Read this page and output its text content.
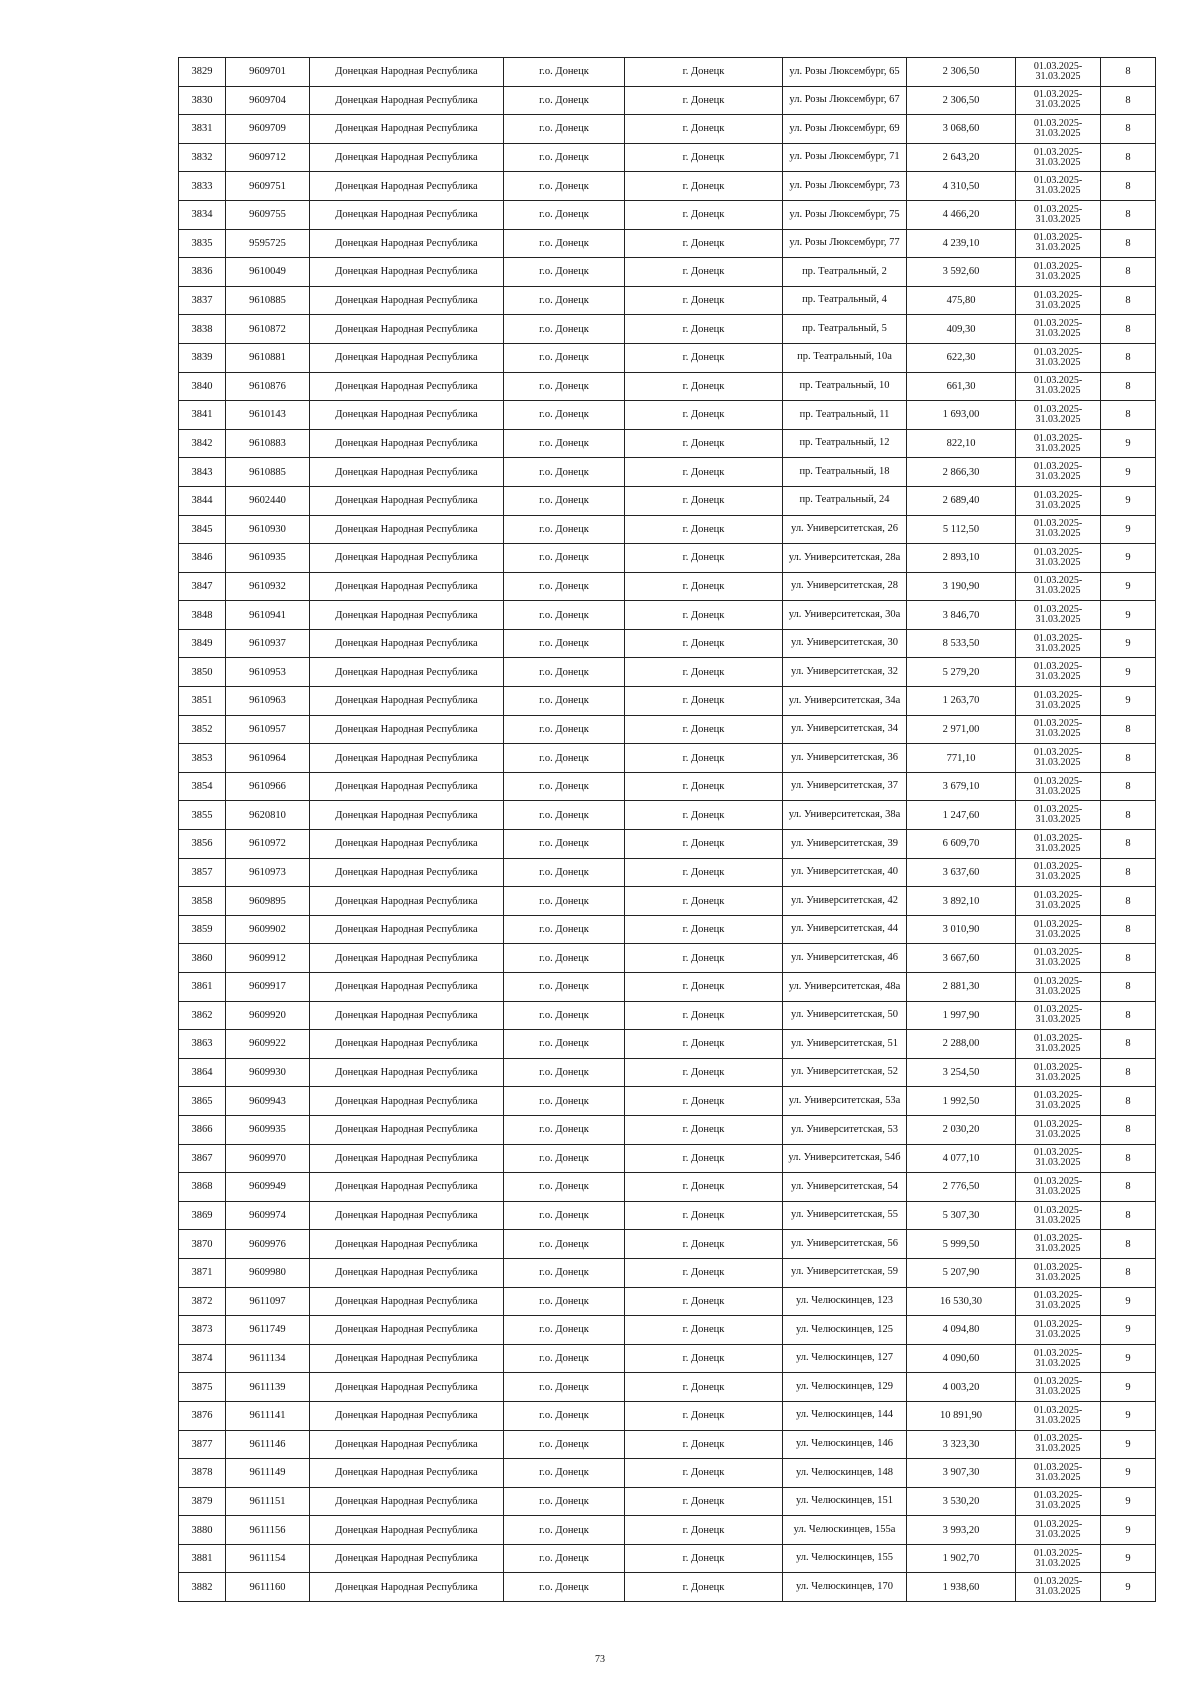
3829	9609701	Донецкая Народная Республика	г.о. Донецк	г. Донецк	ул. Розы Люксембург, 65	2 306,50	01.03.2025-31.03.2025	8
3830	9609704	Донецкая Народная Республика	г.о. Донецк	г. Донецк	ул. Розы Люксембург, 67	2 306,50	01.03.2025-31.03.2025	8
3831	9609709	Донецкая Народная Республика	г.о. Донецк	г. Донецк	ул. Розы Люксембург, 69	3 068,60	01.03.2025-31.03.2025	8
3832	9609712	Донецкая Народная Республика	г.о. Донецк	г. Донецк	ул. Розы Люксембург, 71	2 643,20	01.03.2025-31.03.2025	8
3833	9609751	Донецкая Народная Республика	г.о. Донецк	г. Донецк	ул. Розы Люксембург, 73	4 310,50	01.03.2025-31.03.2025	8
3834	9609755	Донецкая Народная Республика	г.о. Донецк	г. Донецк	ул. Розы Люксембург, 75	4 466,20	01.03.2025-31.03.2025	8
3835	9595725	Донецкая Народная Республика	г.о. Донецк	г. Донецк	ул. Розы Люксембург, 77	4 239,10	01.03.2025-31.03.2025	8
3836	9610049	Донецкая Народная Республика	г.о. Донецк	г. Донецк	пр. Театральный, 2	3 592,60	01.03.2025-31.03.2025	8
3837	9610885	Донецкая Народная Республика	г.о. Донецк	г. Донецк	пр. Театральный, 4	475,80	01.03.2025-31.03.2025	8
3838	9610872	Донецкая Народная Республика	г.о. Донецк	г. Донецк	пр. Театральный, 5	409,30	01.03.2025-31.03.2025	8
3839	9610881	Донецкая Народная Республика	г.о. Донецк	г. Донецк	пр. Театральный, 10а	622,30	01.03.2025-31.03.2025	8
3840	9610876	Донецкая Народная Республика	г.о. Донецк	г. Донецк	пр. Театральный, 10	661,30	01.03.2025-31.03.2025	8
3841	9610143	Донецкая Народная Республика	г.о. Донецк	г. Донецк	пр. Театральный, 11	1 693,00	01.03.2025-31.03.2025	8
3842	9610883	Донецкая Народная Республика	г.о. Донецк	г. Донецк	пр. Театральный, 12	822,10	01.03.2025-31.03.2025	9
3843	9610885	Донецкая Народная Республика	г.о. Донецк	г. Донецк	пр. Театральный, 18	2 866,30	01.03.2025-31.03.2025	9
3844	9602440	Донецкая Народная Республика	г.о. Донецк	г. Донецк	пр. Театральный, 24	2 689,40	01.03.2025-31.03.2025	9
3845	9610930	Донецкая Народная Республика	г.о. Донецк	г. Донецк	ул. Университетская, 26	5 112,50	01.03.2025-31.03.2025	9
3846	9610935	Донецкая Народная Республика	г.о. Донецк	г. Донецк	ул. Университетская, 28а	2 893,10	01.03.2025-31.03.2025	9
3847	9610932	Донецкая Народная Республика	г.о. Донецк	г. Донецк	ул. Университетская, 28	3 190,90	01.03.2025-31.03.2025	9
3848	9610941	Донецкая Народная Республика	г.о. Донецк	г. Донецк	ул. Университетская, 30а	3 846,70	01.03.2025-31.03.2025	9
3849	9610937	Донецкая Народная Республика	г.о. Донецк	г. Донецк	ул. Университетская, 30	8 533,50	01.03.2025-31.03.2025	9
3850	9610953	Донецкая Народная Республика	г.о. Донецк	г. Донецк	ул. Университетская, 32	5 279,20	01.03.2025-31.03.2025	9
3851	9610963	Донецкая Народная Республика	г.о. Донецк	г. Донецк	ул. Университетская, 34а	1 263,70	01.03.2025-31.03.2025	9
3852	9610957	Донецкая Народная Республика	г.о. Донецк	г. Донецк	ул. Университетская, 34	2 971,00	01.03.2025-31.03.2025	8
3853	9610964	Донецкая Народная Республика	г.о. Донецк	г. Донецк	ул. Университетская, 36	771,10	01.03.2025-31.03.2025	8
3854	9610966	Донецкая Народная Республика	г.о. Донецк	г. Донецк	ул. Университетская, 37	3 679,10	01.03.2025-31.03.2025	8
3855	9620810	Донецкая Народная Республика	г.о. Донецк	г. Донецк	ул. Университетская, 38а	1 247,60	01.03.2025-31.03.2025	8
3856	9610972	Донецкая Народная Республика	г.о. Донецк	г. Донецк	ул. Университетская, 39	6 609,70	01.03.2025-31.03.2025	8
3857	9610973	Донецкая Народная Республика	г.о. Донецк	г. Донецк	ул. Университетская, 40	3 637,60	01.03.2025-31.03.2025	8
3858	9609895	Донецкая Народная Республика	г.о. Донецк	г. Донецк	ул. Университетская, 42	3 892,10	01.03.2025-31.03.2025	8
3859	9609902	Донецкая Народная Республика	г.о. Донецк	г. Донецк	ул. Университетская, 44	3 010,90	01.03.2025-31.03.2025	8
3860	9609912	Донецкая Народная Республика	г.о. Донецк	г. Донецк	ул. Университетская, 46	3 667,60	01.03.2025-31.03.2025	8
3861	9609917	Донецкая Народная Республика	г.о. Донецк	г. Донецк	ул. Университетская, 48а	2 881,30	01.03.2025-31.03.2025	8
3862	9609920	Донецкая Народная Республика	г.о. Донецк	г. Донецк	ул. Университетская, 50	1 997,90	01.03.2025-31.03.2025	8
3863	9609922	Донецкая Народная Республика	г.о. Донецк	г. Донецк	ул. Университетская, 51	2 288,00	01.03.2025-31.03.2025	8
3864	9609930	Донецкая Народная Республика	г.о. Донецк	г. Донецк	ул. Университетская, 52	3 254,50	01.03.2025-31.03.2025	8
3865	9609943	Донецкая Народная Республика	г.о. Донецк	г. Донецк	ул. Университетская, 53а	1 992,50	01.03.2025-31.03.2025	8
3866	9609935	Донецкая Народная Республика	г.о. Донецк	г. Донецк	ул. Университетская, 53	2 030,20	01.03.2025-31.03.2025	8
3867	9609970	Донецкая Народная Республика	г.о. Донецк	г. Донецк	ул. Университетская, 54б	4 077,10	01.03.2025-31.03.2025	8
3868	9609949	Донецкая Народная Республика	г.о. Донецк	г. Донецк	ул. Университетская, 54	2 776,50	01.03.2025-31.03.2025	8
3869	9609974	Донецкая Народная Республика	г.о. Донецк	г. Донецк	ул. Университетская, 55	5 307,30	01.03.2025-31.03.2025	8
3870	9609976	Донецкая Народная Республика	г.о. Донецк	г. Донецк	ул. Университетская, 56	5 999,50	01.03.2025-31.03.2025	8
3871	9609980	Донецкая Народная Республика	г.о. Донецк	г. Донецк	ул. Университетская, 59	5 207,90	01.03.2025-31.03.2025	8
3872	9611097	Донецкая Народная Республика	г.о. Донецк	г. Донецк	ул. Челюскинцев, 123	16 530,30	01.03.2025-31.03.2025	9
3873	9611749	Донецкая Народная Республика	г.о. Донецк	г. Донецк	ул. Челюскинцев, 125	4 094,80	01.03.2025-31.03.2025	9
3874	9611134	Донецкая Народная Республика	г.о. Донецк	г. Донецк	ул. Челюскинцев, 127	4 090,60	01.03.2025-31.03.2025	9
3875	9611139	Донецкая Народная Республика	г.о. Донецк	г. Донецк	ул. Челюскинцев, 129	4 003,20	01.03.2025-31.03.2025	9
3876	9611141	Донецкая Народная Республика	г.о. Донецк	г. Донецк	ул. Челюскинцев, 144	10 891,90	01.03.2025-31.03.2025	9
3877	9611146	Донецкая Народная Республика	г.о. Донецк	г. Донецк	ул. Челюскинцев, 146	3 323,30	01.03.2025-31.03.2025	9
3878	9611149	Донецкая Народная Республика	г.о. Донецк	г. Донецк	ул. Челюскинцев, 148	3 907,30	01.03.2025-31.03.2025	9
3879	9611151	Донецкая Народная Республика	г.о. Донецк	г. Донецк	ул. Челюскинцев, 151	3 530,20	01.03.2025-31.03.2025	9
3880	9611156	Донецкая Народная Республика	г.о. Донецк	г. Донецк	ул. Челюскинцев, 155а	3 993,20	01.03.2025-31.03.2025	9
3881	9611154	Донецкая Народная Республика	г.о. Донецк	г. Донецк	ул. Челюскинцев, 155	1 902,70	01.03.2025-31.03.2025	9
3882	9611160	Донецкая Народная Республика	г.о. Донецк	г. Донецк	ул. Челюскинцев, 170	1 938,60	01.03.2025-31.03.2025	9
73
